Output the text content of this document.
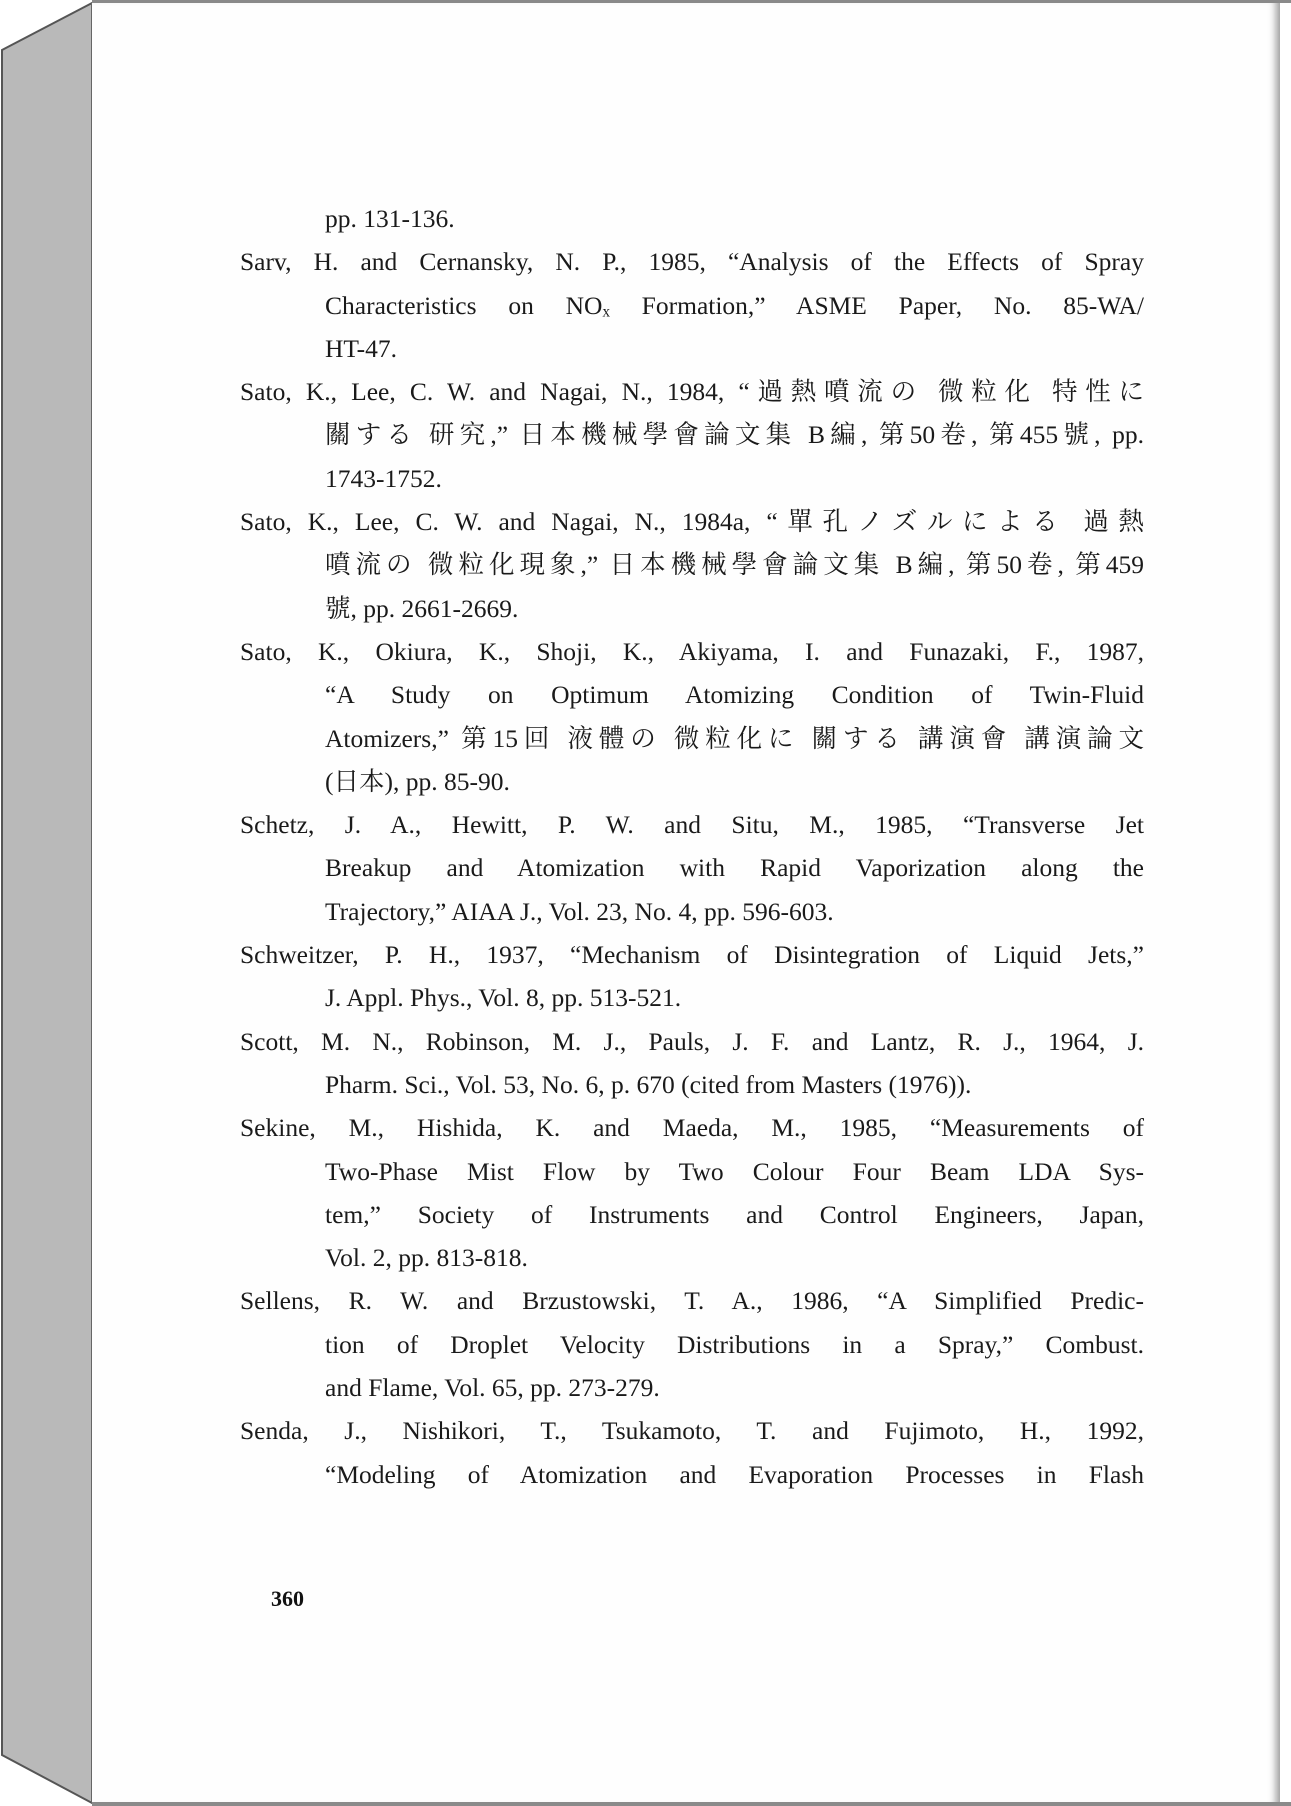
pp. 131-136.
Sarv, H. and Cernansky, N. P., 1985, “Analysis of the Effects of Spray
Characteristics on NOₓ Formation,” ASME Paper, No. 85-WA/
HT-47.
Sato, K., Lee, C. W. and Nagai, N., 1984, “過熱噴流の 微粒化 特性に
關する 研究,” 日本機械學會論文集 B編, 第50卷, 第455號, pp.
1743-1752.
Sato, K., Lee, C. W. and Nagai, N., 1984a, “單孔ノズルによる 過熱
噴流の 微粒化現象,” 日本機械學會論文集 B編, 第50卷, 第459
號, pp. 2661-2669.
Sato, K., Okiura, K., Shoji, K., Akiyama, I. and Funazaki, F., 1987,
“A Study on Optimum Atomizing Condition of Twin-Fluid
Atomizers,” 第15回 液體の 微粒化に 關する 講演會 講演論文
(日本), pp. 85-90.
Schetz, J. A., Hewitt, P. W. and Situ, M., 1985, “Transverse Jet
Breakup and Atomization with Rapid Vaporization along the
Trajectory,” AIAA J., Vol. 23, No. 4, pp. 596-603.
Schweitzer, P. H., 1937, “Mechanism of Disintegration of Liquid Jets,”
J. Appl. Phys., Vol. 8, pp. 513-521.
Scott, M. N., Robinson, M. J., Pauls, J. F. and Lantz, R. J., 1964, J.
Pharm. Sci., Vol. 53, No. 6, p. 670 (cited from Masters (1976)).
Sekine, M., Hishida, K. and Maeda, M., 1985, “Measurements of
Two-Phase Mist Flow by Two Colour Four Beam LDA Sys-
tem,” Society of Instruments and Control Engineers, Japan,
Vol. 2, pp. 813-818.
Sellens, R. W. and Brzustowski, T. A., 1986, “A Simplified Predic-
tion of Droplet Velocity Distributions in a Spray,” Combust.
and Flame, Vol. 65, pp. 273-279.
Senda, J., Nishikori, T., Tsukamoto, T. and Fujimoto, H., 1992,
“Modeling of Atomization and Evaporation Processes in Flash
360
